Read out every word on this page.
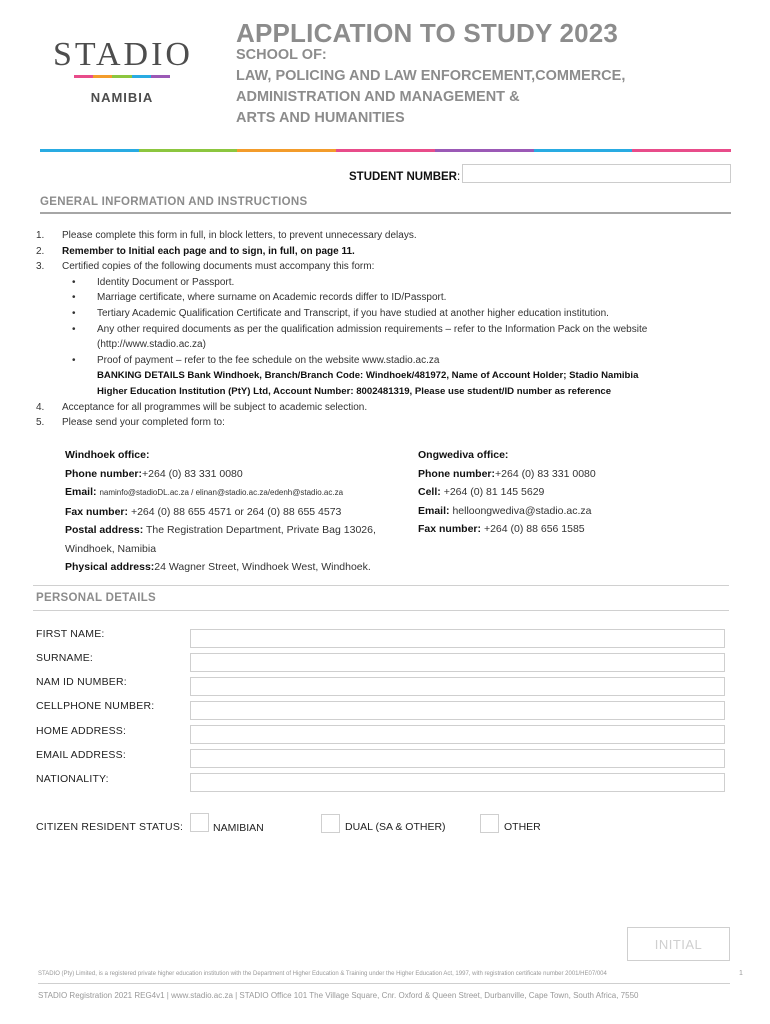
STADIO
NAMIBIA
APPLICATION TO STUDY 2023
SCHOOL OF:
LAW, POLICING AND LAW ENFORCEMENT,COMMERCE,
ADMINISTRATION AND MANAGEMENT &
ARTS AND HUMANITIES
STUDENT NUMBER:
GENERAL INFORMATION AND INSTRUCTIONS
1.	Please complete this form in full, in block letters, to prevent unnecessary delays.
2.	Remember to Initial each page and to sign, in full, on page 11.
3.	Certified copies of the following documents must accompany this form:
•	Identity Document or Passport.
•	Marriage certificate, where surname on Academic records differ to ID/Passport.
•	Tertiary Academic Qualification Certificate and Transcript, if you have studied at another higher education institution.
•	Any other required documents as per the qualification admission requirements – refer to the Information Pack on the website
(http://www.stadio.ac.za)
•	Proof of payment – refer to the fee schedule on the website www.stadio.ac.za
BANKING DETAILS Bank Windhoek, Branch/Branch Code: Windhoek/481972, Name of Account Holder; Stadio Namibia
Higher Education Institution (PtY) Ltd, Account Number: 8002481319, Please use student/ID number as reference
4.	Acceptance for all programmes will be subject to academic selection.
5.	Please send your completed form to:
Windhoek office:
Phone number:+264 (0) 83 331 0080
Email: naminfo@stadioDL.ac.za / elinan@stadio.ac.za/edenh@stadio.ac.za
Fax number: +264 (0) 88 655 4571 or 264 (0) 88 655 4573
Postal address: The Registration Department, Private Bag 13026,
Windhoek, Namibia
Physical address:24 Wagner Street, Windhoek West, Windhoek.
Ongwediva office:
Phone number:+264 (0) 83 331 0080
Cell: +264 (0) 81 145 5629
Email: helloongwediva@stadio.ac.za
Fax number: +264 (0) 88 656 1585
PERSONAL DETAILS
FIRST NAME:
SURNAME:
NAM ID NUMBER:
CELLPHONE NUMBER:
HOME ADDRESS:
EMAIL ADDRESS:
NATIONALITY:
CITIZEN RESIDENT STATUS:	NAMIBIAN	DUAL (SA & OTHER)	OTHER
INITIAL
STADIO (Pty) Limited, is a registered private higher education institution with the Department of Higher Education & Training under the Higher Education Act, 1997, with registration certificate number 2001/HE07/004	1
STADIO Registration 2021 REG4v1 | www.stadio.ac.za | STADIO Office 101 The Village Square, Cnr. Oxford & Queen Street, Durbanville, Cape Town, South Africa, 7550
